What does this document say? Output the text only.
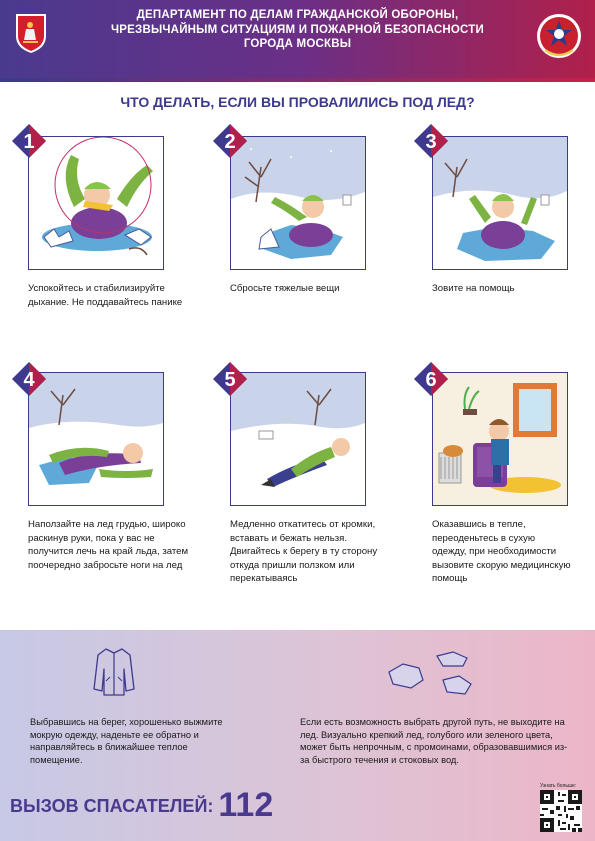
ДЕПАРТАМЕНТ ПО ДЕЛАМ ГРАЖДАНСКОЙ ОБОРОНЫ,
ЧРЕЗВЫЧАЙНЫМ СИТУАЦИЯМ И ПОЖАРНОЙ БЕЗОПАСНОСТИ
ГОРОДА МОСКВЫ
ЧТО ДЕЛАТЬ, ЕСЛИ ВЫ ПРОВАЛИЛИСЬ ПОД ЛЕД?
1
Успокойтесь и стабилизируйте дыхание. Не поддавайтесь панике
2
Сбросьте тяжелые вещи
3
Зовите на помощь
4
Наползайте на лед грудью, широко раскинув руки, пока у вас не получится лечь на край льда, затем поочередно забросьте ноги на лед
5
Медленно откатитесь от кромки, вставать и бежать нельзя. Двигайтесь к берегу в ту сторону откуда пришли ползком или перекатываясь
6
Оказавшись в тепле, переоденьтесь в сухую одежду, при необходимости вызовите скорую медицинскую помощь
Выбравшись на берег, хорошенько выжмите мокрую одежду, наденьте ее обратно и направляйтесь в ближайшее теплое помещение.
Если есть возможность выбрать другой путь, не выходите на лед. Визуально крепкий лед, голубого или зеленого цвета, может быть непрочным, с промоинами, образовавшимися из-за быстрого течения и стоковых вод.
ВЫЗОВ СПАСАТЕЛЕЙ: 112	Узнать больше:
